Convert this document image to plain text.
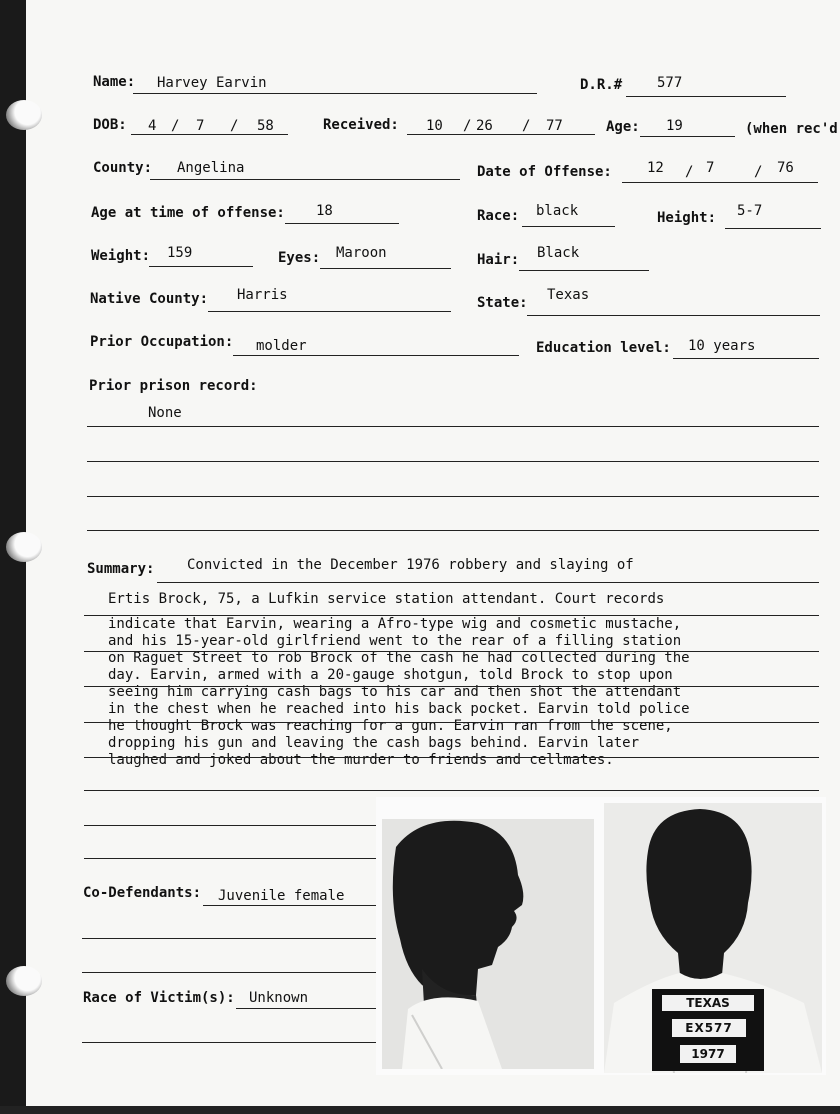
Name: Harvey Earvin	D.R.# 577
DOB: 4 / 7 / 58	Received: 10 / 26 / 77	Age: 19	(when rec'd
County: Angelina	Date of Offense:	12 / 7	/ 76
Age at time of offense: 18	Race: black	Height: 5-7
Weight: 159	Eyes: Maroon	Hair: Black
Native County: Harris	State: Texas
Prior Occupation: molder	Education level: 10 years
Prior prison record:
None
Summary: Convicted in the December 1976 robbery and slaying of
Ertis Brock, 75, a Lufkin service station attendant. Court records
indicate that Earvin, wearing a Afro-type wig and cosmetic mustache,
and his 15-year-old girlfriend went to the rear of a filling station
on Raguet Street to rob Brock of the cash he had collected during the
day. Earvin, armed with a 20-gauge shotgun, told Brock to stop upon
seeing him carrying cash bags to his car and then shot the attendant
in the chest when he reached into his back pocket. Earvin told police
he thought Brock was reaching for a gun. Earvin ran from the scene,
dropping his gun and leaving the cash bags behind. Earvin later
laughed and joked about the murder to friends and cellmates.
Co-Defendants: Juvenile female
Race of Victim(s): Unknown	TEXAS
EX577
1977
